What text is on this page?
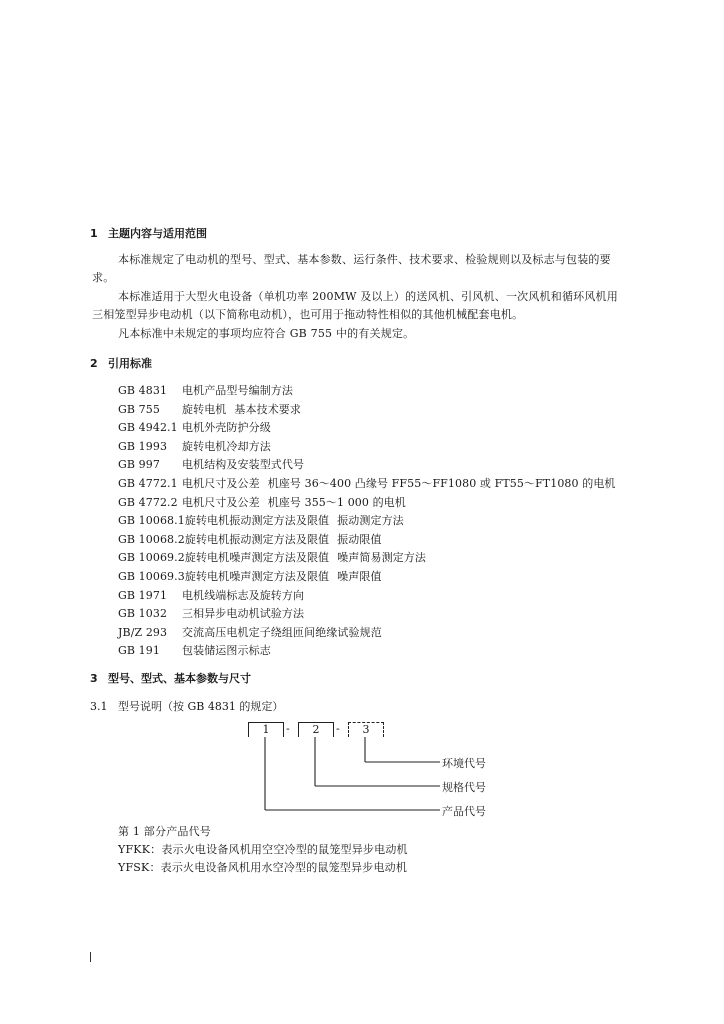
1 主题内容与适用范围
本标准规定了电动机的型号、型式、基本参数、运行条件、技术要求、检验规则以及标志与包装的要
求。
本标准适用于大型火电设备（单机功率 200MW 及以上）的送风机、引风机、一次风机和循环风机用
三相笼型异步电动机（以下简称电动机），也可用于拖动特性相似的其他机械配套电机。
凡本标准中未规定的事项均应符合 GB 755 中的有关规定。
2 引用标准
GB 4831 电机产品型号编制方法
GB 755 旋转电机 基本技术要求
GB 4942.1 电机外壳防护分级
GB 1993 旋转电机冷却方法
GB 997 电机结构及安装型式代号
GB 4772.1 电机尺寸及公差 机座号 36～400 凸缘号 FF55～FF1080 或 FT55～FT1080 的电机
GB 4772.2 电机尺寸及公差 机座号 355～1 000 的电机
GB 10068.1旋转电机振动测定方法及限值 振动测定方法
GB 10068.2旋转电机振动测定方法及限值 振动限值
GB 10069.2旋转电机噪声测定方法及限值 噪声简易测定方法
GB 10069.3旋转电机噪声测定方法及限值 噪声限值
GB 1971 电机线端标志及旋转方向
GB 1032 三相异步电动机试验方法
JB/Z 293 交流高压电机定子绕组匝间绝缘试验规范
GB 191 包装储运图示标志
3 型号、型式、基本参数与尺寸
3.1 型号说明（按 GB 4831 的规定）
1	-	2	-	3
环境代号
规格代号
产品代号
第 1 部分产品代号
YFKK：表示火电设备风机用空空冷型的鼠笼型异步电动机
YFSK：表示火电设备风机用水空冷型的鼠笼型异步电动机
